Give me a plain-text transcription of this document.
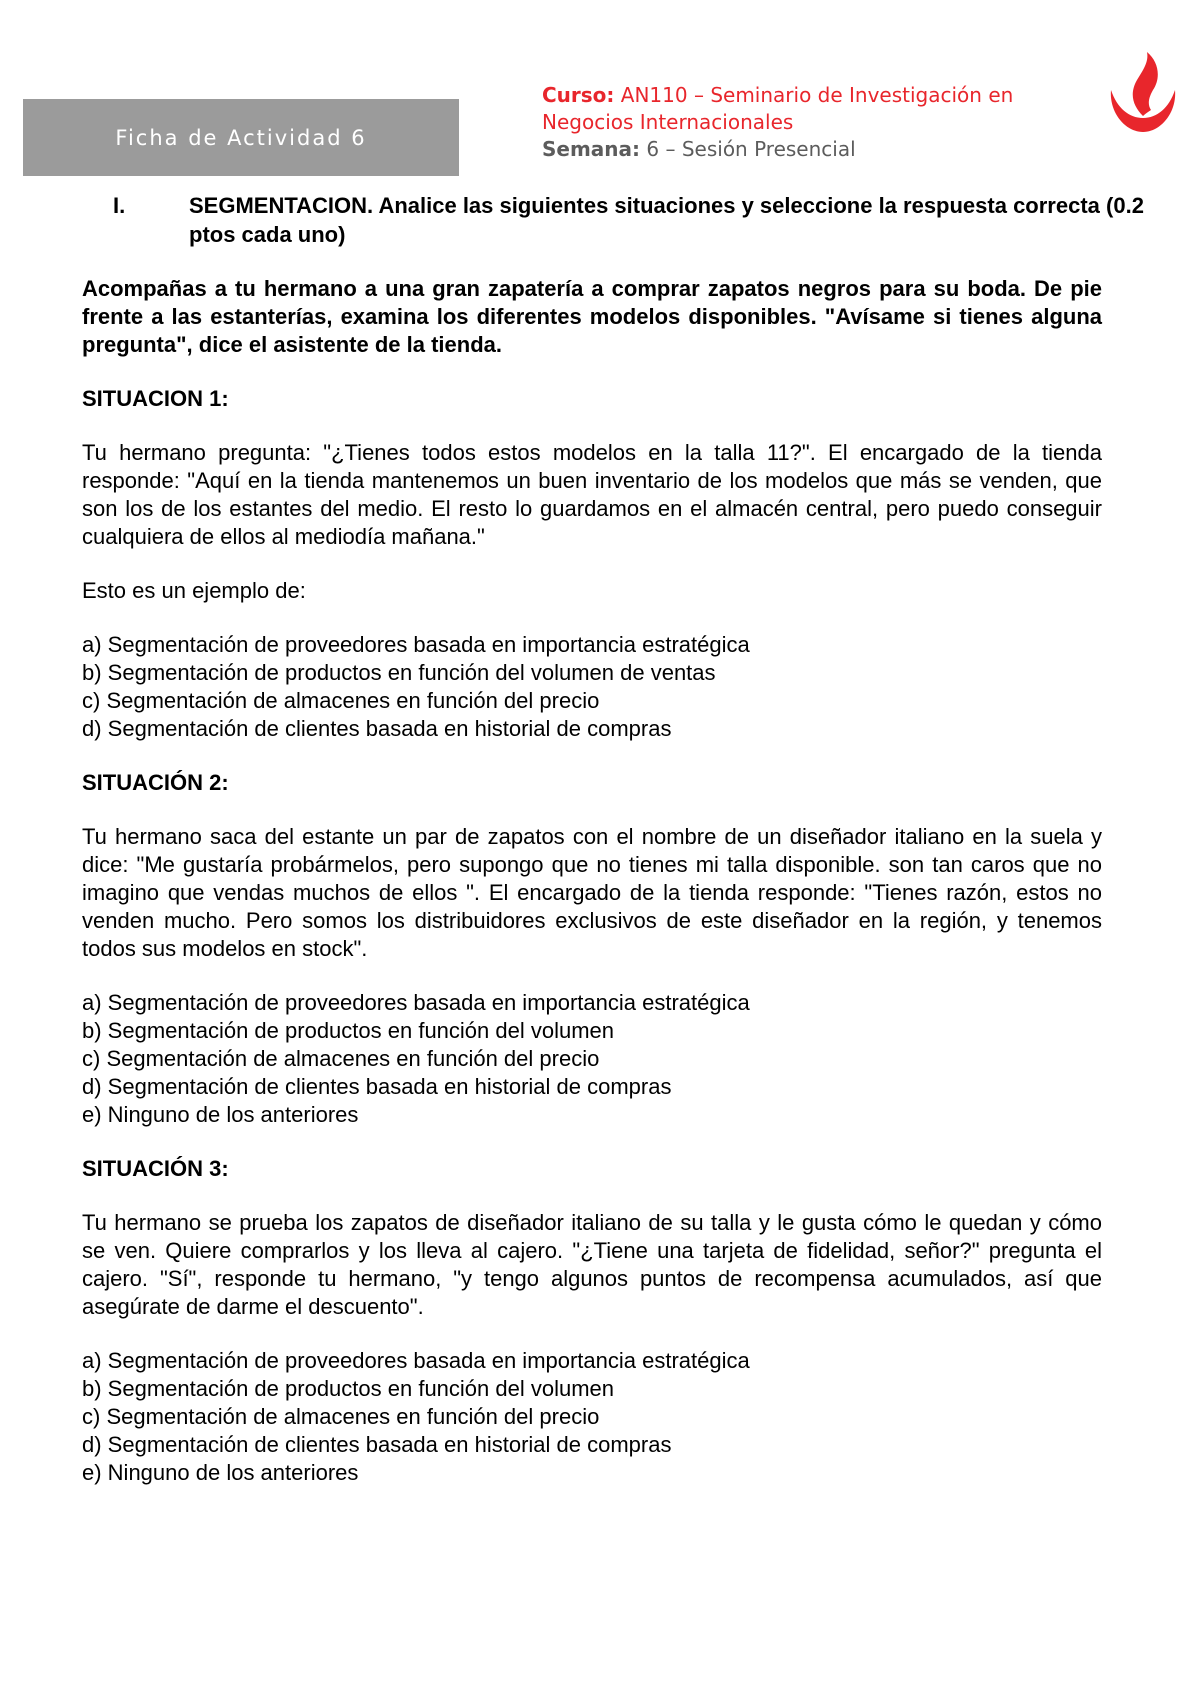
Ficha de Actividad 6
Curso: AN110 – Seminario de Investigación en Negocios Internacionales
Semana: 6 – Sesión Presencial
I.	SEGMENTACION. Analice las siguientes situaciones y seleccione la respuesta correcta (0.2 ptos cada uno)

Acompañas a tu hermano a una gran zapatería a comprar zapatos negros para su boda. De pie frente a las estanterías, examina los diferentes modelos disponibles. "Avísame si tienes alguna pregunta", dice el asistente de la tienda.

SITUACION 1:

Tu hermano pregunta: "¿Tienes todos estos modelos en la talla 11?". El encargado de la tienda responde: "Aquí en la tienda mantenemos un buen inventario de los modelos que más se venden, que son los de los estantes del medio. El resto lo guardamos en el almacén central, pero puedo conseguir cualquiera de ellos al mediodía mañana."

Esto es un ejemplo de:

a) Segmentación de proveedores basada en importancia estratégica
b) Segmentación de productos en función del volumen de ventas
c) Segmentación de almacenes en función del precio
d) Segmentación de clientes basada en historial de compras

SITUACIÓN 2:

Tu hermano saca del estante un par de zapatos con el nombre de un diseñador italiano en la suela y dice: "Me gustaría probármelos, pero supongo que no tienes mi talla disponible. son tan caros que no imagino que vendas muchos de ellos ". El encargado de la tienda responde: "Tienes razón, estos no venden mucho. Pero somos los distribuidores exclusivos de este diseñador en la región, y tenemos todos sus modelos en stock".

a) Segmentación de proveedores basada en importancia estratégica
b) Segmentación de productos en función del volumen
c) Segmentación de almacenes en función del precio
d) Segmentación de clientes basada en historial de compras
e) Ninguno de los anteriores

SITUACIÓN 3:

Tu hermano se prueba los zapatos de diseñador italiano de su talla y le gusta cómo le quedan y cómo se ven. Quiere comprarlos y los lleva al cajero. "¿Tiene una tarjeta de fidelidad, señor?" pregunta el cajero. "Sí", responde tu hermano, "y tengo algunos puntos de recompensa acumulados, así que asegúrate de darme el descuento".

a) Segmentación de proveedores basada en importancia estratégica
b) Segmentación de productos en función del volumen
c) Segmentación de almacenes en función del precio
d) Segmentación de clientes basada en historial de compras
e) Ninguno de los anteriores
